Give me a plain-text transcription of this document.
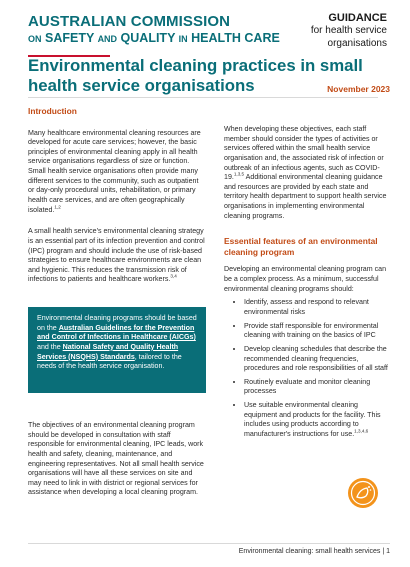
AUSTRALIAN COMMISSION
ON SAFETY AND QUALITY IN HEALTH CARE
GUIDANCE
for health service
organisations
Environmental cleaning practices in small health service organisations	November 2023
Introduction

Many healthcare environmental cleaning resources are developed for acute care services; however, the basic principles of environmental cleaning apply in all health service organisations regardless of size or function. Small health service organisations often provide many different services to the community, such as outpatient or day-only procedural units, rehabilitation, or primary health care services, and are often geographically isolated.$^{1,2}$

A small health service's environmental cleaning strategy is an essential part of its infection prevention and control (IPC) program and should include the use of risk-based strategies to ensure healthcare environments are clean and hygienic. This reduces the transmission risk of infections to patients and healthcare workers.$^{3,4}$

Environmental cleaning programs should be based on the Australian Guidelines for the Prevention and Control of Infections in Healthcare (AICGs) and the National Safety and Quality Health Services (NSQHS) Standards, tailored to the needs of the health service organisation.

The objectives of an environmental cleaning program should be developed in consultation with staff responsible for environmental cleaning, IPC leads, work health and safety, cleaning, maintenance, and engineering representatives. Not all small health service organisations will have all these services on site and may need to link in with district or regional services for assistance when developing a local cleaning program.

When developing these objectives, each staff member should consider the types of activities or services offered within the small health service organisation and, the associated risk of infection or outbreak of an infectious agents, such as COVID-19.$^{1,3,5}$ Additional environmental cleaning guidance and resources are provided by each state and territory health department to support health service organisations in implementing environmental cleaning programs.

Essential features of an environmental cleaning program

Developing an environmental cleaning program can be a complex process. As a minimum, successful environmental cleaning programs should:

• Identify, assess and respond to relevant environmental risks
• Provide staff responsible for environmental cleaning with training on the basics of IPC
• Develop cleaning schedules that describe the recommended cleaning frequencies, procedures and role responsibilities of all staff
• Routinely evaluate and monitor cleaning processes
• Use suitable environmental cleaning equipment and products for the facility. This includes using products according to manufacturer's instructions for use.$^{1,3,4,6}$
Environmental cleaning: small health services | 1
